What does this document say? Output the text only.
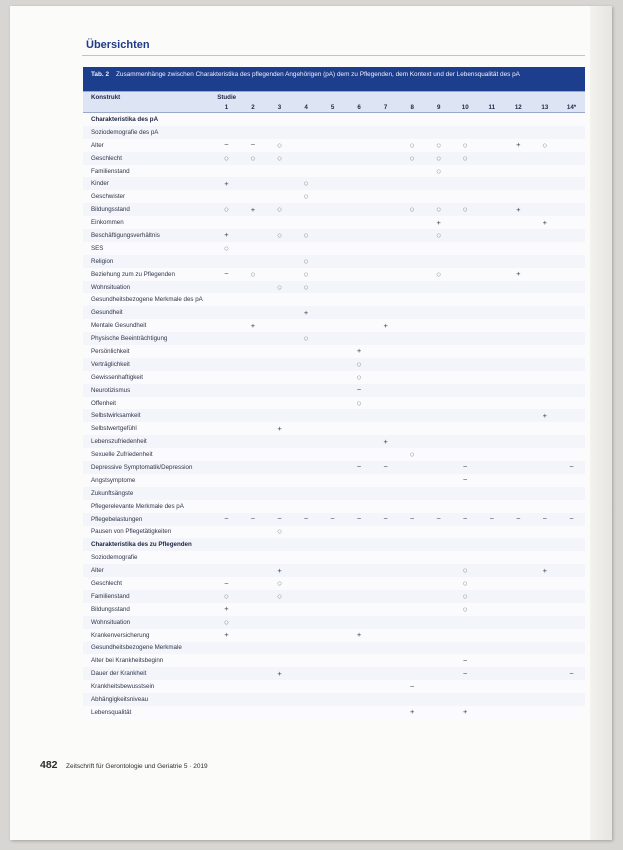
Übersichten
Tab. 2 Zusammenhänge zwischen Charakteristika des pflegenden Angehörigen (pA) dem zu Pflegenden, dem Kontext und der Lebensqualität des pA
Konstrukt	Studie													
	1	2	3	4	5	6	7	8	9	10	11	12	13	14*
Charakteristika des pA														
Soziodemografie des pA														
Alter	−	−	○					○	○	○		+	○	
Geschlecht	○	○	○					○	○	○				
Familienstand									○					
Kinder	+			○										
Geschwister				○										
Bildungsstand	○	+	○					○	○	○		+		
Einkommen									+				+	
Beschäftigungsverhältnis	+		○	○					○					
SES	○													
Religion				○										
Beziehung zum zu Pflegenden	−	○		○					○			+		
Wohnsituation			○	○										
Gesundheitsbezogene Merkmale des pA														
Gesundheit				+										
Mentale Gesundheit		+					+							
Physische Beeinträchtigung				○										
Persönlichkeit						+								
Verträglichkeit						○								
Gewissenhaftigkeit						○								
Neurotizismus						−								
Offenheit						○								
Selbstwirksamkeit													+	
Selbstwertgefühl			+											
Lebenszufriedenheit							+							
Sexuelle Zufriedenheit								○						
Depressive Symptomatik/Depression						−	−			−				−
Angstsymptome										−				
Zukunftsängste														
Pflegerelevante Merkmale des pA														
Pflegebelastungen	−	−	−	−	−	−	−	−	−	−	−	−	−	−
Pausen von Pflegetätigkeiten			○											
Charakteristika des zu Pflegenden														
Soziodemografie														
Alter			+							○			+	
Geschlecht	−		○							○				
Familienstand	○		○							○				
Bildungsstand	+									○				
Wohnsituation	○													
Krankenversicherung	+					+								
Gesundheitsbezogene Merkmale														
Alter bei Krankheitsbeginn										−				
Dauer der Krankheit			+							−				−
Krankheitsbewusstsein								−						
Abhängigkeitsniveau														
Lebensqualität								+		+				
482 Zeitschrift für Gerontologie und Geriatrie 5 · 2019
